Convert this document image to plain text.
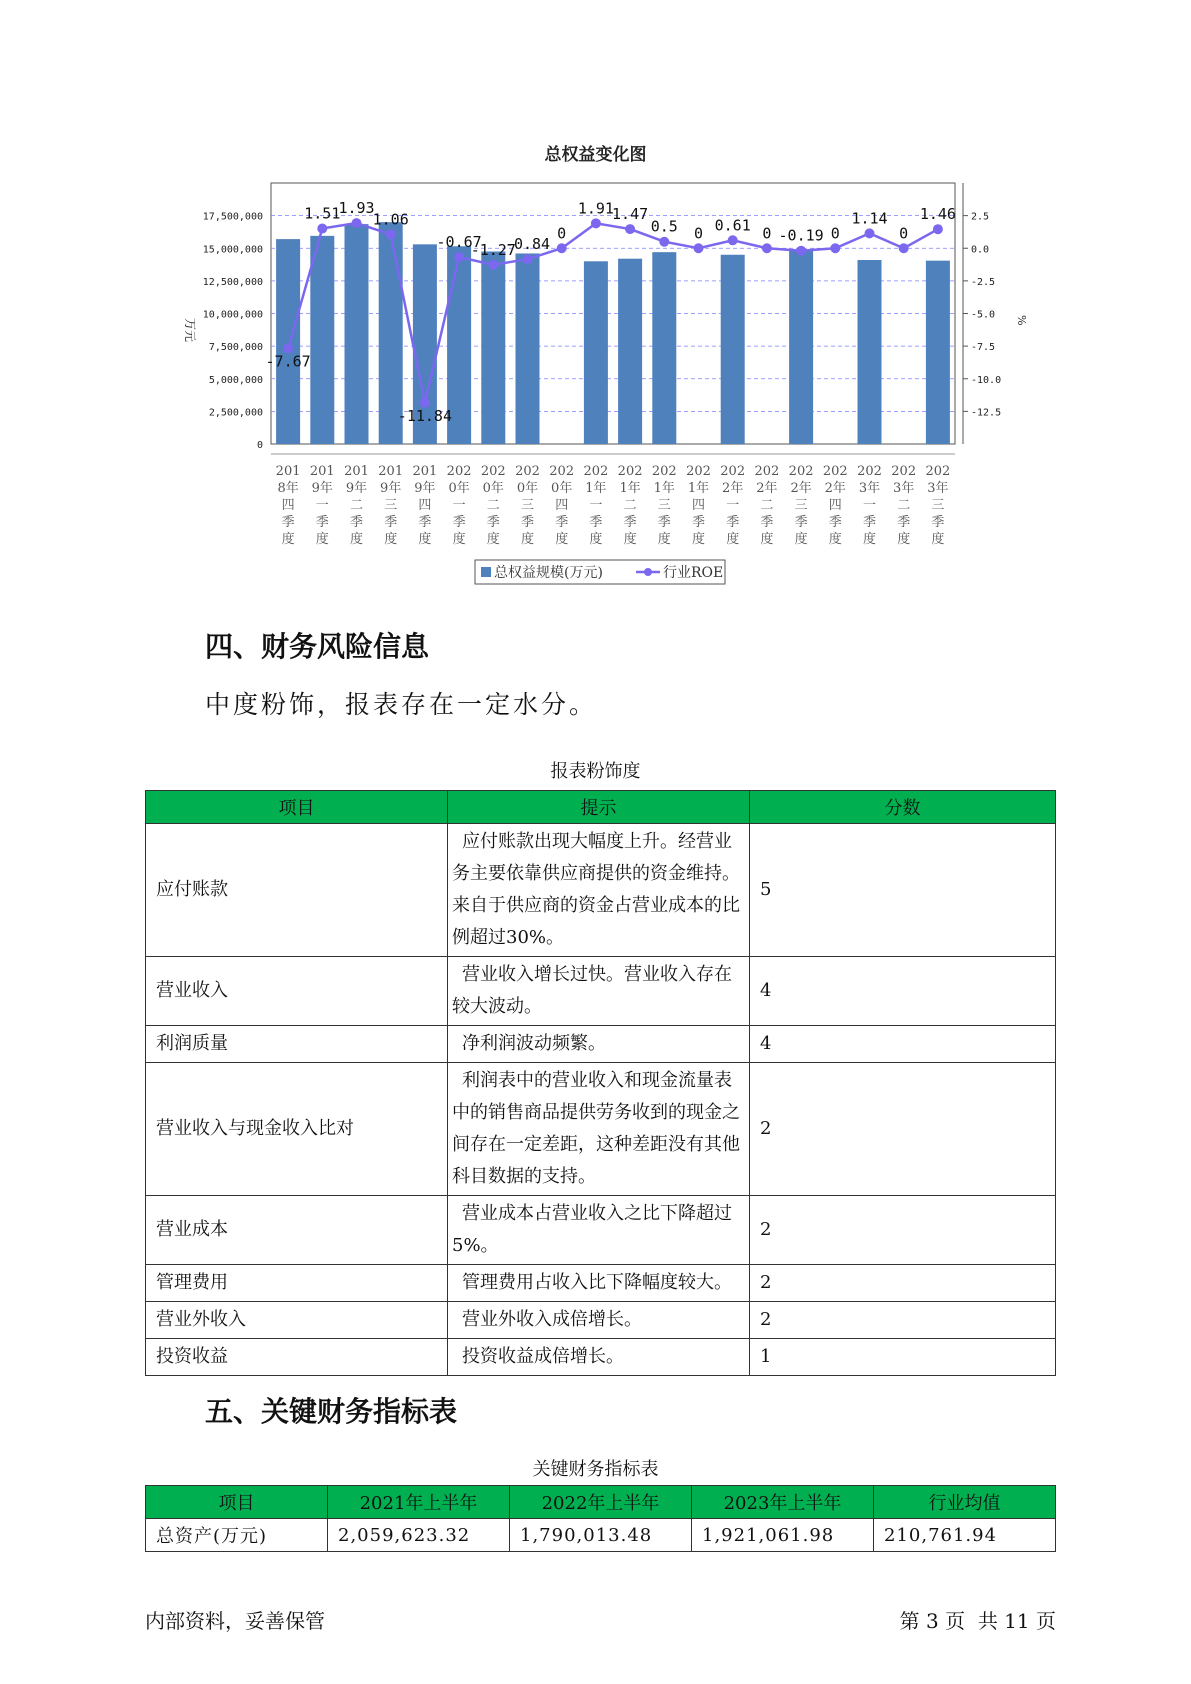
总权益变化图
0
2,500,000
5,000,000
7,500,000
10,000,000
12,500,000
15,000,000
17,500,000
-12.5
-10.0
-7.5
-5.0
-2.5
0.0
2.5
万元	%
201
8年
四
季
度
201
9年
一
季
度
201
9年
二
季
度
201
9年
三
季
度
201
9年
四
季
度
202
0年
一
季
度
202
0年
二
季
度
202
0年
三
季
度
202
0年
四
季
度
202
1年
一
季
度
202
1年
二
季
度
202
1年
三
季
度
202
1年
四
季
度
202
2年
一
季
度
202
2年
二
季
度
202
2年
三
季
度
202
2年
四
季
度
202
3年
一
季
度
202
3年
二
季
度
202
3年
三
季
度
-7.67
1.51
1.93
1.06
-11.84
-0.67
-1.27
-0.84
0
1.91
1.47
0.5 0 0.61 0 -0.19 0
1.14
0
1.46
总权益规模(万元)	行业ROE
四、财务风险信息
中度粉饰，报表存在一定水分。
报表粉饰度
项目	提示	分数
应付账款	应付账款出现大幅度上升。经营业务主要依靠供应商提供的资金维持。来自于供应商的资金占营业成本的比例超过30%。	5
营业收入	营业收入增长过快。营业收入存在较大波动。	4
利润质量	净利润波动频繁。	4
营业收入与现金收入比对	利润表中的营业收入和现金流量表中的销售商品提供劳务收到的现金之间存在一定差距，这种差距没有其他科目数据的支持。	2
营业成本	营业成本占营业收入之比下降超过5%。	2
管理费用	管理费用占收入比下降幅度较大。	2
营业外收入	营业外收入成倍增长。	2
投资收益	投资收益成倍增长。	1
五、关键财务指标表
关键财务指标表
项目	2021年上半年	2022年上半年	2023年上半年	行业均值
总资产(万元)	2,059,623.32	1,790,013.48	1,921,061.98	210,761.94
内部资料，妥善保管	第 3 页  共 11 页
